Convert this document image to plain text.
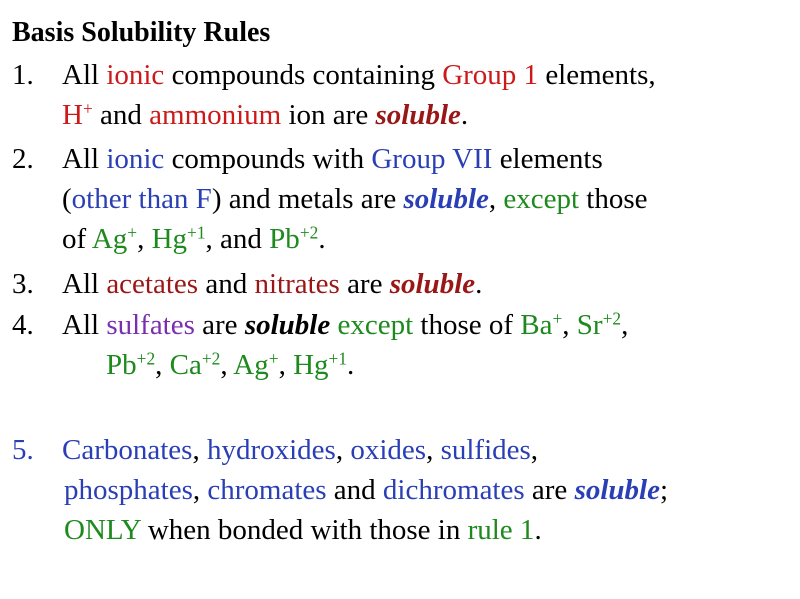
Basis Solubility Rules
1. All ionic compounds containing Group 1 elements,
H+ and ammonium ion are soluble.
2. All ionic compounds with Group VII elements
(other than F) and metals are soluble, except those
of Ag+, $Hg^{+1}$, and $Pb^{+2}$.
3. All acetates and nitrates are soluble.
4. All sulfates are soluble except those of Ba+, $Sr^{+2}$,
$Pb^{+2}$, $Ca^{+2}$, Ag+, $Hg^{+1}$.
5. Carbonates, hydroxides, oxides, sulfides,
phosphates, chromates and dichromates are soluble;
ONLY when bonded with those in rule 1.
